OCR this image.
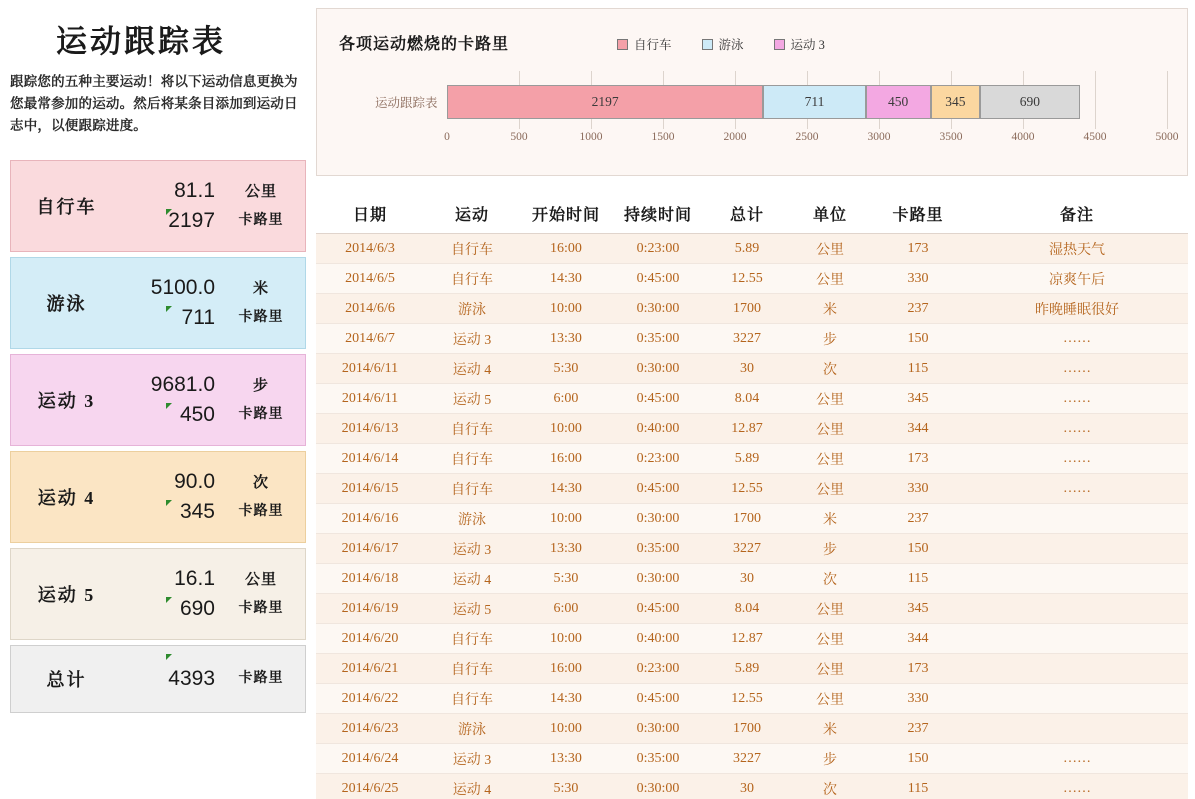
运动跟踪表
跟踪您的五种主要运动！将以下运动信息更换为您最常参加的运动。然后将某条目添加到运动日志中，以便跟踪进度。
自行车
81.1
2197
公里
卡路里
游泳
5100.0
711
米
卡路里
运动 3
9681.0
450
步
卡路里
运动 4
90.0
345
次
卡路里
运动 5
16.1
690
公里
卡路里
总计	4393	卡路里
各项运动燃烧的卡路里	自行车	游泳	运动 3
运动跟踪表	2197	711	450	345	690
0	500	1000	1500	2000	2500	3000	3500	4000	4500	5000
日期	运动	开始时间	持续时间	总计	单位	卡路里	备注
2014/6/3	自行车	16:00	0:23:00	5.89	公里	173	湿热天气
2014/6/5	自行车	14:30	0:45:00	12.55	公里	330	凉爽午后
2014/6/6	游泳	10:00	0:30:00	1700	米	237	昨晚睡眠很好
2014/6/7	运动 3	13:30	0:35:00	3227	步	150	……
2014/6/11	运动 4	5:30	0:30:00	30	次	115	……
2014/6/11	运动 5	6:00	0:45:00	8.04	公里	345	……
2014/6/13	自行车	10:00	0:40:00	12.87	公里	344	……
2014/6/14	自行车	16:00	0:23:00	5.89	公里	173	……
2014/6/15	自行车	14:30	0:45:00	12.55	公里	330	……
2014/6/16	游泳	10:00	0:30:00	1700	米	237	
2014/6/17	运动 3	13:30	0:35:00	3227	步	150	
2014/6/18	运动 4	5:30	0:30:00	30	次	115	
2014/6/19	运动 5	6:00	0:45:00	8.04	公里	345	
2014/6/20	自行车	10:00	0:40:00	12.87	公里	344	
2014/6/21	自行车	16:00	0:23:00	5.89	公里	173	
2014/6/22	自行车	14:30	0:45:00	12.55	公里	330	
2014/6/23	游泳	10:00	0:30:00	1700	米	237	
2014/6/24	运动 3	13:30	0:35:00	3227	步	150	……
2014/6/25	运动 4	5:30	0:30:00	30	次	115	……
